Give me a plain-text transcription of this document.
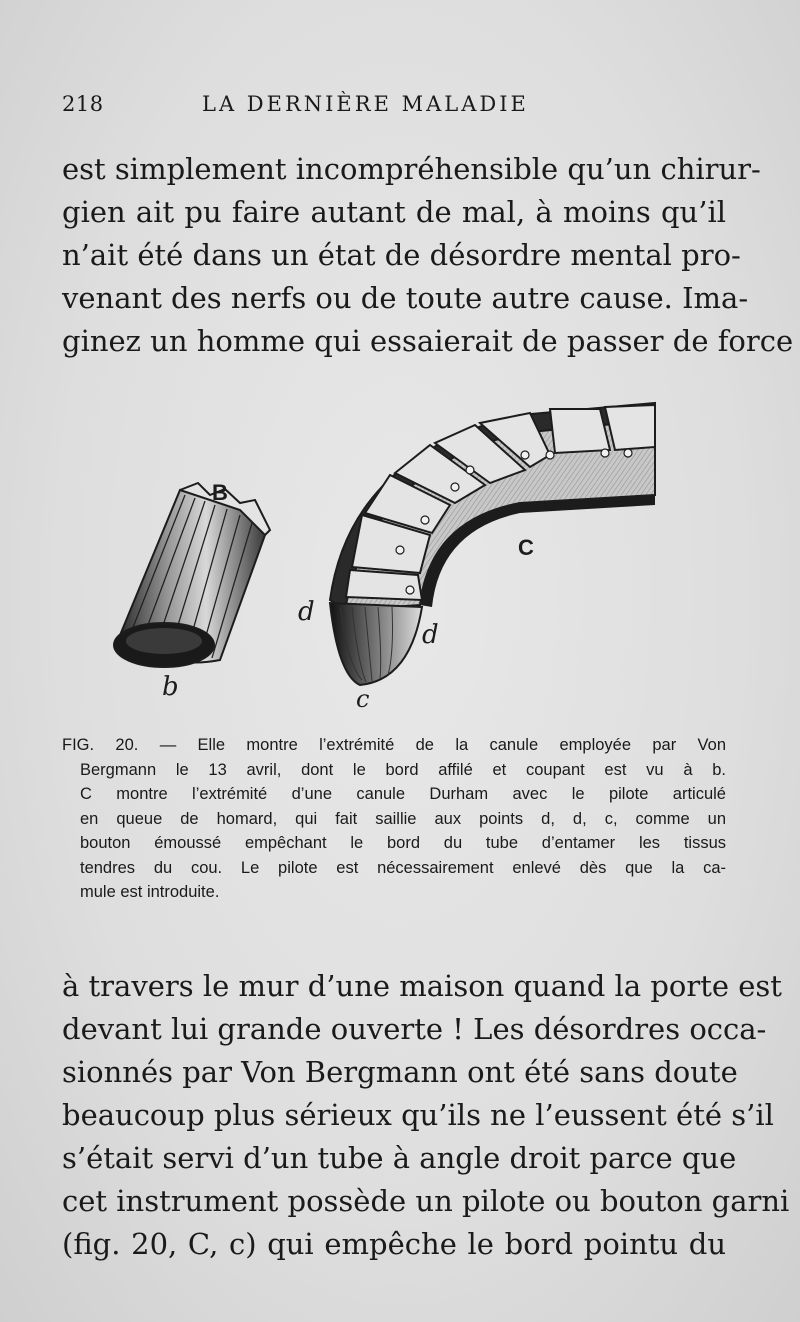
218	LA DERNIÈRE MALADIE
est simplement incompréhensible qu’un chirur-
gien ait pu faire autant de mal, à moins qu’il
n’ait été dans un état de désordre mental pro-
venant des nerfs ou de toute autre cause. Ima-
ginez un homme qui essaierait de passer de force
B
b
C
d
d
c
FIG. 20. — Elle montre l’extrémité de la canule employée par Von
Bergmann le 13 avril, dont le bord affilé et coupant est vu à b.
C montre l’extrémité d’une canule Durham avec le pilote articulé
en queue de homard, qui fait saillie aux points d, d, c, comme un
bouton émoussé empêchant le bord du tube d’entamer les tissus
tendres du cou. Le pilote est nécessairement enlevé dès que la ca-
mule est introduite.
à travers le mur d’une maison quand la porte est
devant lui grande ouverte ! Les désordres occa-
sionnés par Von Bergmann ont été sans doute
beaucoup plus sérieux qu’ils ne l’eussent été s’il
s’était servi d’un tube à angle droit parce que
cet instrument possède un pilote ou bouton garni
(fig. 20, C, c) qui empêche le bord pointu du
